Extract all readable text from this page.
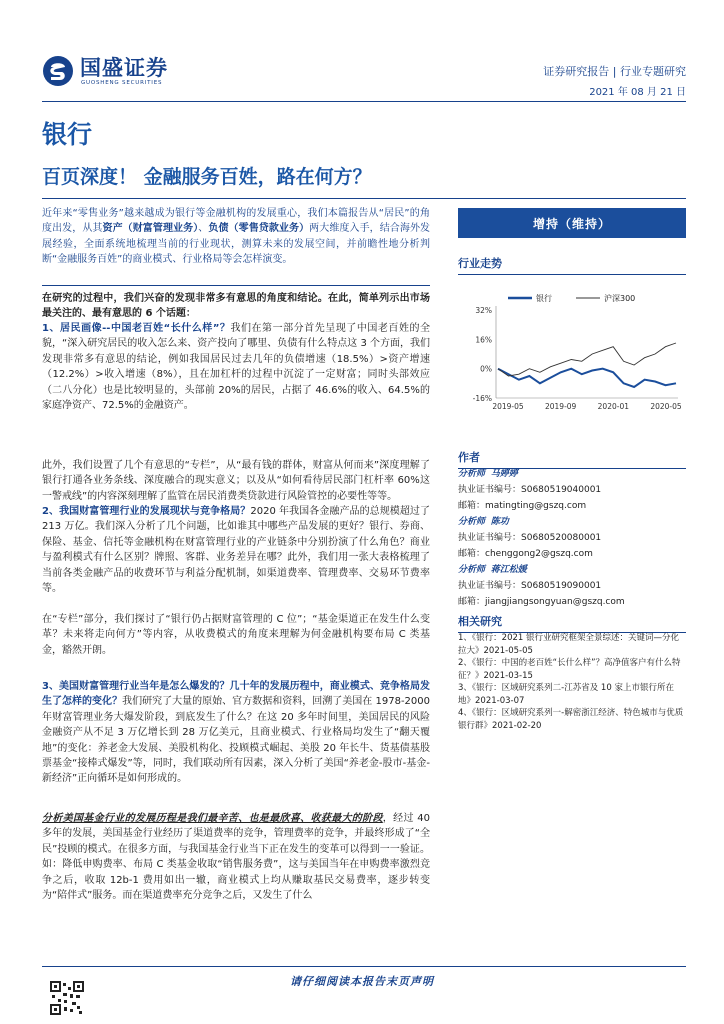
国盛证券
GUOSHENG SECURITIES
证券研究报告 | 行业专题研究
2021 年 08 月 21 日
银行
百页深度！ 金融服务百姓，路在何方？
近年来“零售业务”越来越成为银行等金融机构的发展重心，我们本篇报告从“居民”的角度出发，从其资产（财富管理业务）、负债（零售贷款业务）两大维度入手，结合海外发展经验，全面系统地梳理当前的行业现状，测算未来的发展空间，并前瞻性地分析判断“金融服务百姓”的商业模式、行业格局等会怎样演变。
在研究的过程中，我们兴奋的发现非常多有意思的角度和结论。在此，简单列示出市场最关注的、最有意思的 6 个话题：
1、居民画像--中国老百姓“长什么样”？我们在第一部分首先呈现了中国老百姓的全貌，“深入研究居民的收入怎么来、资产投向了哪里、负债有什么特点这 3 个方面，我们发现非常多有意思的结论，例如我国居民过去几年的负债增速（18.5%）>资产增速（12.2%）>收入增速（8%），且在加杠杆的过程中沉淀了一定财富；同时头部效应（二八分化）也是比较明显的，头部前 20%的居民，占据了 46.6%的收入、64.5%的家庭净资产、72.5%的金融资产。
此外，我们设置了几个有意思的“专栏”，从“最有钱的群体，财富从何而来”深度理解了银行打通各业务条线、深度融合的现实意义；以及从“如何看待居民部门杠杆率 60%这一警戒线”的内容深刻理解了监管在居民消费类贷款进行风险管控的必要性等等。
2、我国财富管理行业的发展现状与竞争格局？2020 年我国各金融产品的总规模超过了 213 万亿。我们深入分析了几个问题，比如谁其中哪些产品发展的更好？银行、券商、保险、基金、信托等金融机构在财富管理行业的产业链条中分别扮演了什么角色？商业与盈利模式有什么区别？牌照、客群、业务差异在哪？此外，我们用一张大表格梳理了当前各类金融产品的收费环节与利益分配机制，如渠道费率、管理费率、交易环节费率等。
在“专栏”部分，我们探讨了“银行仍占据财富管理的 C 位”；“基金渠道正在发生什么变革？未来将走向何方”等内容，从收费模式的角度来理解为何金融机构要布局 C 类基金，豁然开朗。
3、美国财富管理行业当年是怎么爆发的？几十年的发展历程中，商业模式、竞争格局发生了怎样的变化？我们研究了大量的原始、官方数据和资料，回溯了美国在 1978-2000 年财富管理业务大爆发阶段，到底发生了什么？在这 20 多年时间里，美国居民的风险金融资产从不足 3 万亿增长到 28 万亿美元，且商业模式、行业格局均发生了“翻天覆地”的变化：养老金大发展、美股机构化、投顾模式崛起、美股 20 年长牛、货基债基股票基金“接棒式爆发”等，同时，我们联动所有因素，深入分析了美国“养老金-股市-基金-新经济”正向循环是如何形成的。
分析美国基金行业的发展历程是我们最辛苦、也是最欣喜、收获最大的阶段，经过 40 多年的发展，美国基金行业经历了渠道费率的竞争，管理费率的竞争，并最终形成了“全民”投顾的模式。在很多方面，与我国基金行业当下正在发生的变革可以得到一一验证。如：降低申购费率、布局 C 类基金收取“销售服务费”，这与美国当年在申购费率激烈竞争之后，收取 12b-1 费用如出一辙，商业模式上均从赚取基民交易费率，逐步转变为“陪伴式”服务。而在渠道费率充分竞争之后，又发生了什么
增持（维持）
行业走势
32%
16%
0%
-16%
2019-05	2019-09	2020-01	2020-05
银行	沪深300
作者
分析师 马婷婷
执业证书编号：S0680519040001
邮箱：matingting@gszq.com
分析师 陈功
执业证书编号：S0680520080001
邮箱：chenggong2@gszq.com
分析师 蒋江松媛
执业证书编号：S0680519090001
邮箱：jiangjiangsongyuan@gszq.com
相关研究
1、《银行：2021 银行业研究框架全景综述：关键词—分化拉大》2021-05-05
2、《银行：中国的老百姓“长什么样”？高净值客户有什么特征？》2021-03-15
3、《银行：区域研究系列二-江苏省及 10 家上市银行所在地》2021-03-07
4、《银行：区域研究系列一-解密浙江经济、特色城市与优质银行群》2021-02-20
请仔细阅读本报告末页声明
